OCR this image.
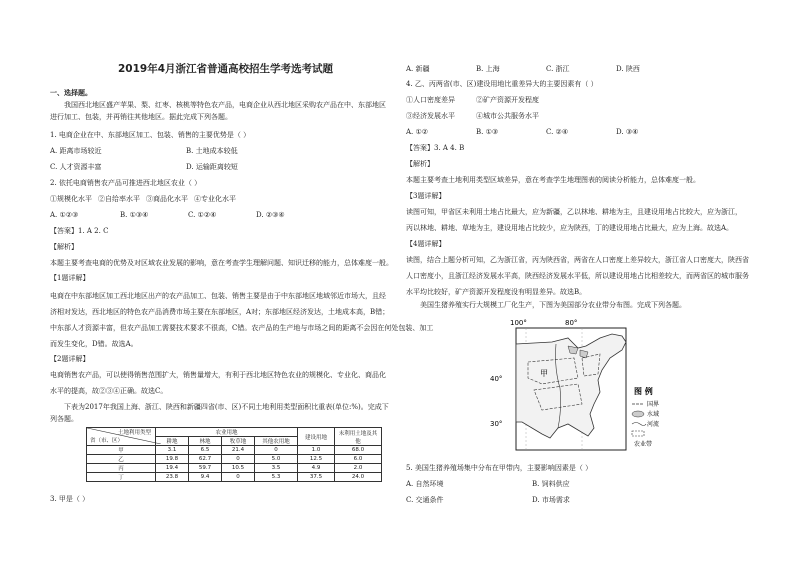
2019年4月浙江省普通高校招生学考选考试题
一、选择题。
我国西北地区盛产苹果、梨、红枣、核桃等特色农产品，电商企业从西北地区采购农产品在中、东部地区
进行加工、包装，并再销往其他地区。据此完成下列各题。
1. 电商企业在中、东部地区加工、包装、销售的主要优势是（ ）
A. 距离市场较近	B. 土地成本较低
C. 人才资源丰富	D. 运输距离较短
2. 依托电商销售农产品可推进西北地区农业（ ）
①规模化水平 ②自给率水平 ③商品化水平 ④专业化水平
A. ①②③	B. ①③④	C. ①②④	D. ②③④
【答案】1. A 2. C
【解析】
本题主要考查电商的优势及对区域农业发展的影响，意在考查学生理解问题、知识迁移的能力，总体难度一般。
【1题详解】
电商在中东部地区加工西北地区出产的农产品加工、包装、销售主要是由于中东部地区地域邻近市场大，且经
济相对发达，西北地区的特色农产品消费市场主要在东部地区，A对；东部地区经济发达，土地成本高，B错；
中东部人才资源丰富，但农产品加工需要技术要求不很高，C错。农产品的生产地与市场之间的距离不会因在何处包装、加工
而发生变化，D错。故选A。
【2题详解】
电商销售农产品，可以使得销售范围扩大，销售量增大，有利于西北地区特色农业的规模化、专业化、商品化
水平的提高，故②③④正确。故选C。
下表为2017年我国上海、浙江、陕西和新疆四省(市、区)不同土地利用类型面积比重表(单位:%)。完成下
列各题。
土地利用类型
省（市、区）	农业用地				建设用地	未利用土地及其他
	耕地	林地	牧草地	其他农用地		
甲	3.1	6.5	21.4	0	1.0	68.0
乙	19.8	62.7	0	5.0	12.5	6.0
丙	19.4	59.7	10.5	3.5	4.9	2.0
丁	23.8	9.4	0	5.3	37.5	24.0
3. 甲是（ ）
A. 新疆	B. 上海	C. 浙江	D. 陕西
4. 乙、丙两省(市、区)建设用地比重差异大的主要因素有（ ）
①人口密度差异	②矿产资源开发程度
③经济发展水平	④城市公共服务水平
A. ①②	B. ①③	C. ②④	D. ③④
【答案】3. A 4. B
【解析】
本题主要考查土地利用类型区域差异，意在考查学生地理图表的阅读分析能力，总体难度一般。
【3题详解】
读图可知，甲省区未利用土地占比最大，应为新疆，乙以林地、耕地为主，且建设用地占比较大，应为浙江，
丙以林地、耕地、草地为主，建设用地占比较少，应为陕西，丁的建设用地占比最大，应为上海。故选A。
【4题详解】
读图，结合上题分析可知，乙为浙江省，丙为陕西省，两省在人口密度上差异较大，浙江省人口密度大，陕西省
人口密度小，且浙江经济发展水平高，陕西经济发展水平低，所以建设用地占比相差较大，而两省区的城市服务
水平均比较好，矿产资源开发程度没有明显差异。故选B。
美国生猪养殖实行大规模工厂化生产，下图为美国部分农业带分布图。完成下列各题。
100°	80°
40°
30°
甲
图 例
国界
水域
河流
农业带
5. 美国生猪养殖场集中分布在甲带内，主要影响因素是（ ）
A. 自然环境	B. 饲料供应
C. 交通条件	D. 市场需求
